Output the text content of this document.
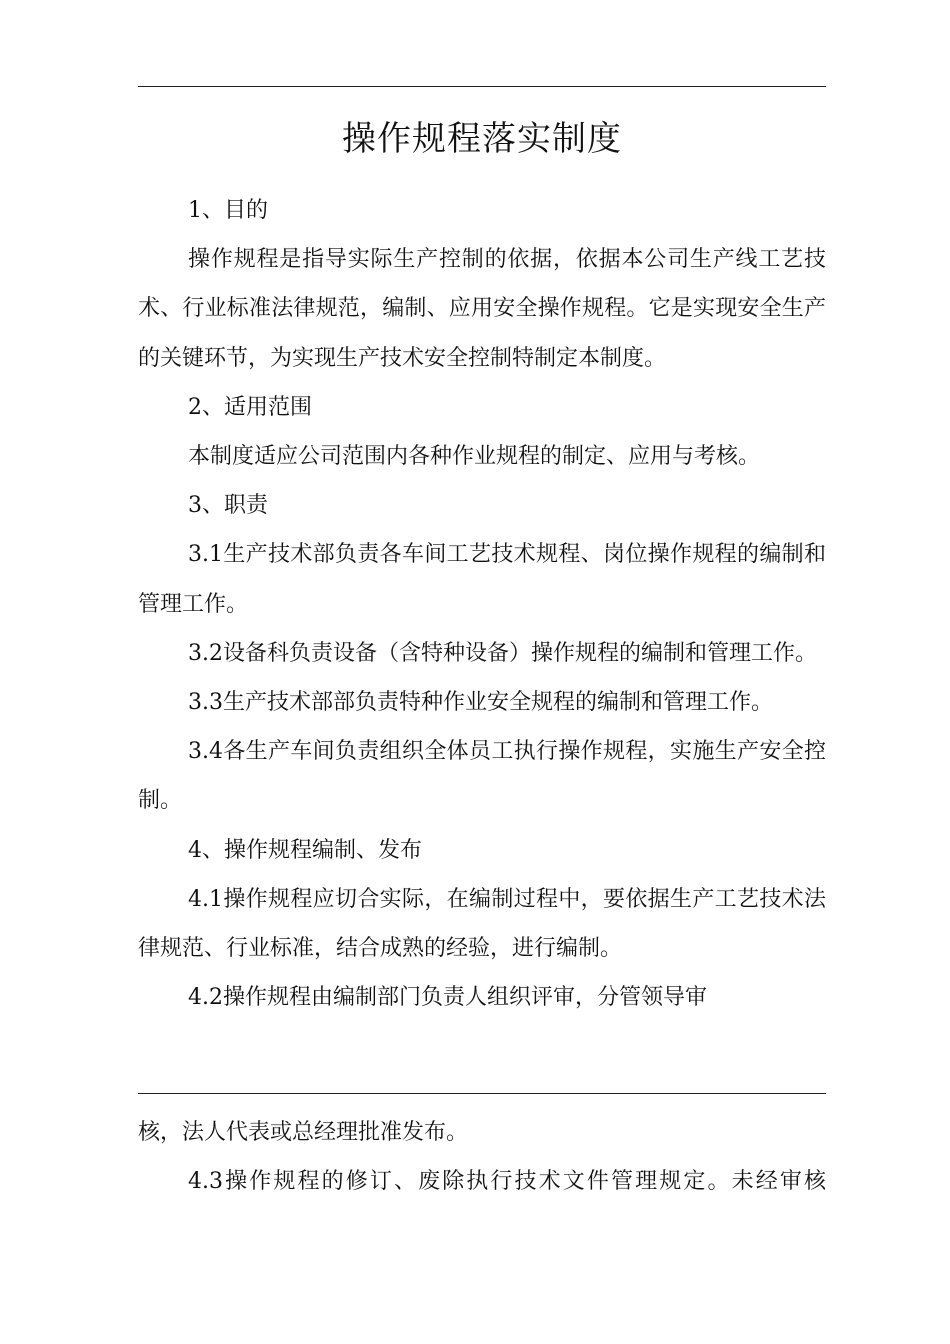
操作规程落实制度

1、目的

操作规程是指导实际生产控制的依据，依据本公司生产线工艺技术、行业标准法律规范，编制、应用安全操作规程。它是实现安全生产的关键环节，为实现生产技术安全控制特制定本制度。

2、适用范围

本制度适应公司范围内各种作业规程的制定、应用与考核。

3、职责

3.1生产技术部负责各车间工艺技术规程、岗位操作规程的编制和管理工作。

3.2设备科负责设备（含特种设备）操作规程的编制和管理工作。

3.3生产技术部部负责特种作业安全规程的编制和管理工作。

3.4各生产车间负责组织全体员工执行操作规程，实施生产安全控制。

4、操作规程编制、发布

4.1操作规程应切合实际，在编制过程中，要依据生产工艺技术法律规范、行业标准，结合成熟的经验，进行编制。

4.2操作规程由编制部门负责人组织评审，分管领导审

核，法人代表或总经理批准发布。

4.3操作规程的修订、废除执行技术文件管理规定。未经审核
